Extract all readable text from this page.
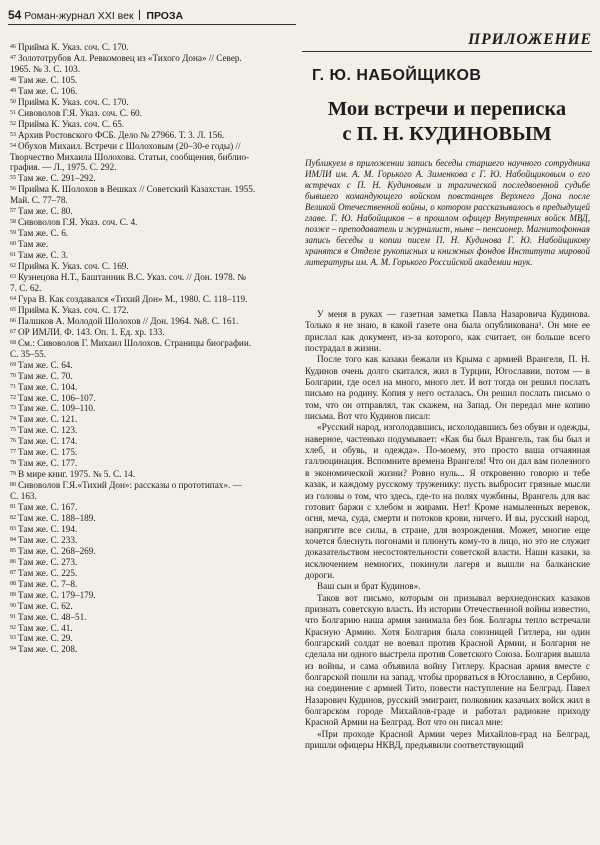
54 Роман-журнал XXI век ПРОЗА
$^{46}$ Прийма К. Указ. соч. С. 170.
$^{47}$ Золототрубов Ал. Ревкомовец из «Тихого Дона» // Север.
1965. № 3. С. 103.
$^{48}$ Там же. С. 105.
$^{49}$ Там же. С. 106.
$^{50}$ Прийма К. Указ. соч. С. 170.
$^{51}$ Сивоволов Г.Я. Указ. соч. С. 60.
$^{52}$ Прийма К. Указ. соч. С. 65.
$^{53}$ Архив Ростовского ФСБ. Дело № 27966. Т. 3. Л. 156.
$^{54}$ Обухов Михаил. Встречи с Шолоховым (20–30-е годы) //
Творчество Михаила Шолохова. Статьи, сообщения, библио-
графия. — Л., 1975. С. 292.
$^{55}$ Там же. С. 291–292.
$^{56}$ Прийма К. Шолохов в Вешках // Советский Казахстан. 1955.
Май. С. 77–78.
$^{57}$ Там же. С. 80.
$^{58}$ Сивоволов Г.Я. Указ. соч. С. 4.
$^{59}$ Там же. С. 6.
$^{60}$ Там же.
$^{61}$ Там же. С. 3.
$^{62}$ Прийма К. Указ. соч. С. 169.
$^{63}$ Кузнецова Н.Т., Баштанник В.С. Указ. соч. // Дон. 1978. №
7. С. 62.
$^{64}$ Гура В. Как создавался «Тихий Дон» М., 1980. С. 118–119.
$^{65}$ Прийма К. Указ. соч. С. 172.
$^{66}$ Палшков А. Молодой Шолохов // Дон. 1964. №8. С. 161.
$^{67}$ ОР ИМЛИ. Ф. 143. Оп. 1. Ед. хр. 133.
$^{68}$ См.: Сивоволов Г. Михаил Шолохов. Страницы биографии.
С. 35–55.
$^{69}$ Там же. С. 64.
$^{70}$ Там же. С. 70.
$^{71}$ Там же. С. 104.
$^{72}$ Там же. С. 106–107.
$^{73}$ Там же. С. 109–110.
$^{74}$ Там же. С. 121.
$^{75}$ Там же. С. 123.
$^{76}$ Там же. С. 174.
$^{77}$ Там же. С. 175.
$^{78}$ Там же. С. 177.
$^{79}$ В мире книг. 1975. № 5. С. 14.
$^{80}$ Сивоволов Г.Я.«Тихий Дон»: рассказы о прототипах». —
С. 163.
$^{81}$ Там же. С. 167.
$^{82}$ Там же. С. 188–189.
$^{83}$ Там же. С. 194.
$^{84}$ Там же. С. 233.
$^{85}$ Там же. С. 268–269.
$^{86}$ Там же. С. 273.
$^{87}$ Там же. С. 225.
$^{88}$ Там же. С. 7–8.
$^{89}$ Там же. С. 179–179.
$^{90}$ Там же. С. 62.
$^{91}$ Там же. С. 48–51.
$^{92}$ Там же. С. 41.
$^{93}$ Там же. С. 29.
$^{94}$ Там же. С. 208.
ПРИЛОЖЕНИЕ
Г. Ю. НАБОЙЩИКОВ
Мои встречи и переписка
с П. Н. КУДИНОВЫМ
Публикуем в приложении запись беседы старшего научного сотрудника ИМЛИ им. А. М. Горького А. Зименкова с Г. Ю. Набойщиковым о его встречах с П. Н. Кудиновым и трагической последвоенной судьбе бывшего командующего войском повстанцев Верхнего Дона после Великой Отечественной войны, о котором рассказывалось в предыдущей главе. Г. Ю. Набойщиков – в прошлом офицер Внутренних войск МВД, позже – преподаватель и журналист, ныне – пенсионер. Магнитофонная запись беседы и копии писем П. Н. Кудинова Г. Ю. Набойщикову хранятся в Отделе рукописных и книжных фондов Института мировой литературы им. А. М. Горького Российской академии наук.

У меня в руках — газетная заметка Павла Назаровича Кудинова. Только я не знаю, в какой газете она была опубликована¹. Он мне ее прислал как документ, из-за которого, как считает, он больше всего пострадал в жизни.

После того как казаки бежали из Крыма с армией Врангеля, П. Н. Кудинов очень долго скитался, жил в Турции, Югославии, потом — в Болгарии, где осел на много, много лет. И вот тогда он решил послать письмо на родину. Копия у него осталась. Он решил послать письмо о том, что он отправлял, так скажем, на Запад. Он передал мне копию письма. Вот что Кудинов писал:

«Русский народ, изголодавшись, исхолодавшись без обуви и одежды, наверное, частенько подумывает: «Как бы был Врангель, так бы был и хлеб, и обувь, и одежда». По-моему, это просто ваша отчаянная галлюцинация. Вспомните времена Врангеля! Что он дал вам полезного в экономической жизни? Ровно нуль... Я откровенно говорю и тебе казак, и каждому русскому труженику: пусть выбросит грязные мысли из головы о том, что здесь, где-то на полях чужбины, Врангель для вас готовит баржи с хлебом и жирами. Нет! Кроме намыленных веревок, огня, меча, суда, смерти и потоков крови, ничего. И вы, русский народ, напрягите все силы, в стране, для возрождения. Может, многие еще хочется блеснуть погонами и плюнуть кому-то в лицо, но это не служит доказательством несостоятельности советской власти. Наши казаки, за исключением немногих, покинули лагеря и вышли на балканские дороги.

Ваш сын и брат Кудинов».

Таков вот письмо, которым он призывал верхнедонских казаков признать советскую власть. Из истории Отечественной войны известно, что Болгарию наша армия занимала без боя. Болгары тепло встречали Красную Армию. Хотя Болгария была союзницей Гитлера, ни один болгарский солдат не воевал против Красной Армии, и Болгария не сделала ни одного выстрела против Советского Союза. Болгария вышла из войны, и сама объявила войну Гитлеру. Красная армия вместе с болгарской пошли на запад, чтобы прорваться в Югославию, в Сербию, на соединение с армией Тито, повести наступление на Белград. Павел Назарович Кудинов, русский эмигрант, полковник казачьих войск жил в болгарском городе Михайлов-граде и работал радиокне приходу Красной Армии на Белград. Вот что он писал мне:

«При проходе Красной Армии через Михайлов-град на Белград, пришли офицеры НКВД, предъявили соответствующий
